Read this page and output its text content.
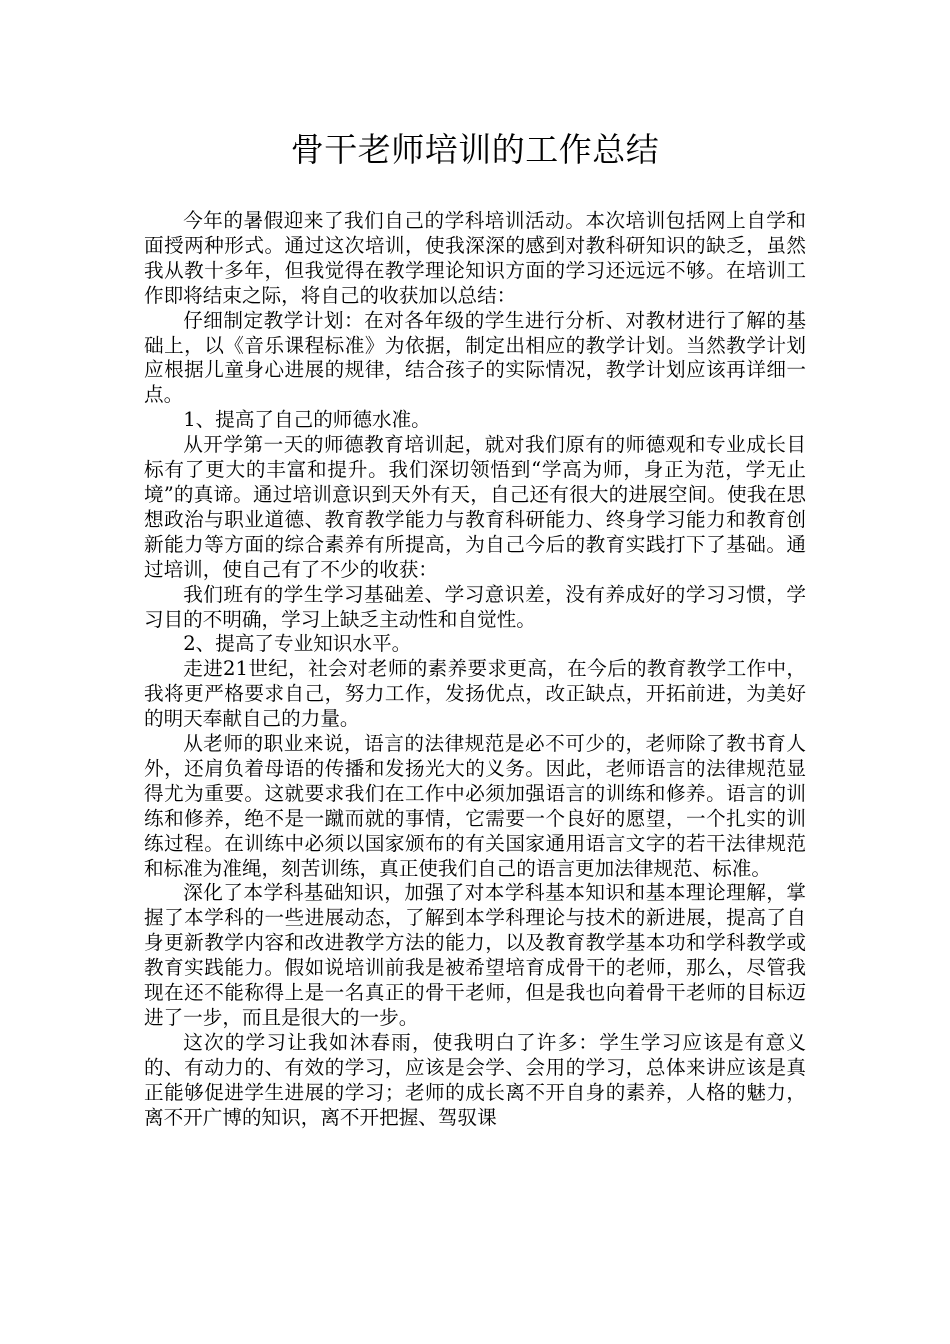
骨干老师培训的工作总结

今年的暑假迎来了我们自己的学科培训活动。本次培训包括网上自学和面授两种形式。通过这次培训，使我深深的感到对教科研知识的缺乏，虽然我从教十多年，但我觉得在教学理论知识方面的学习还远远不够。在培训工作即将结束之际，将自己的收获加以总结：

仔细制定教学计划：在对各年级的学生进行分析、对教材进行了解的基础上，以《音乐课程标准》为依据，制定出相应的教学计划。当然教学计划应根据儿童身心进展的规律，结合孩子的实际情况，教学计划应该再详细一点。

1、提高了自己的师德水准。

从开学第一天的师德教育培训起，就对我们原有的师德观和专业成长目标有了更大的丰富和提升。我们深切领悟到“学高为师，身正为范，学无止境”的真谛。通过培训意识到天外有天，自己还有很大的进展空间。使我在思想政治与职业道德、教育教学能力与教育科研能力、终身学习能力和教育创新能力等方面的综合素养有所提高，为自己今后的教育实践打下了基础。通过培训，使自己有了不少的收获：

我们班有的学生学习基础差、学习意识差，没有养成好的学习习惯，学习目的不明确，学习上缺乏主动性和自觉性。

2、提高了专业知识水平。

走进21世纪，社会对老师的素养要求更高，在今后的教育教学工作中，我将更严格要求自己，努力工作，发扬优点，改正缺点，开拓前进，为美好的明天奉献自己的力量。

从老师的职业来说，语言的法律规范是必不可少的，老师除了教书育人外，还肩负着母语的传播和发扬光大的义务。因此，老师语言的法律规范显得尤为重要。这就要求我们在工作中必须加强语言的训练和修养。语言的训练和修养，绝不是一蹴而就的事情，它需要一个良好的愿望，一个扎实的训练过程。在训练中必须以国家颁布的有关国家通用语言文字的若干法律规范和标准为准绳，刻苦训练，真正使我们自己的语言更加法律规范、标准。

深化了本学科基础知识，加强了对本学科基本知识和基本理论理解，掌握了本学科的一些进展动态，了解到本学科理论与技术的新进展，提高了自身更新教学内容和改进教学方法的能力，以及教育教学基本功和学科教学或教育实践能力。假如说培训前我是被希望培育成骨干的老师，那么，尽管我现在还不能称得上是一名真正的骨干老师，但是我也向着骨干老师的目标迈进了一步，而且是很大的一步。

这次的学习让我如沐春雨，使我明白了许多：学生学习应该是有意义的、有动力的、有效的学习，应该是会学、会用的学习，总体来讲应该是真正能够促进学生进展的学习；老师的成长离不开自身的素养，人格的魅力，离不开广博的知识，离不开把握、驾驭课
